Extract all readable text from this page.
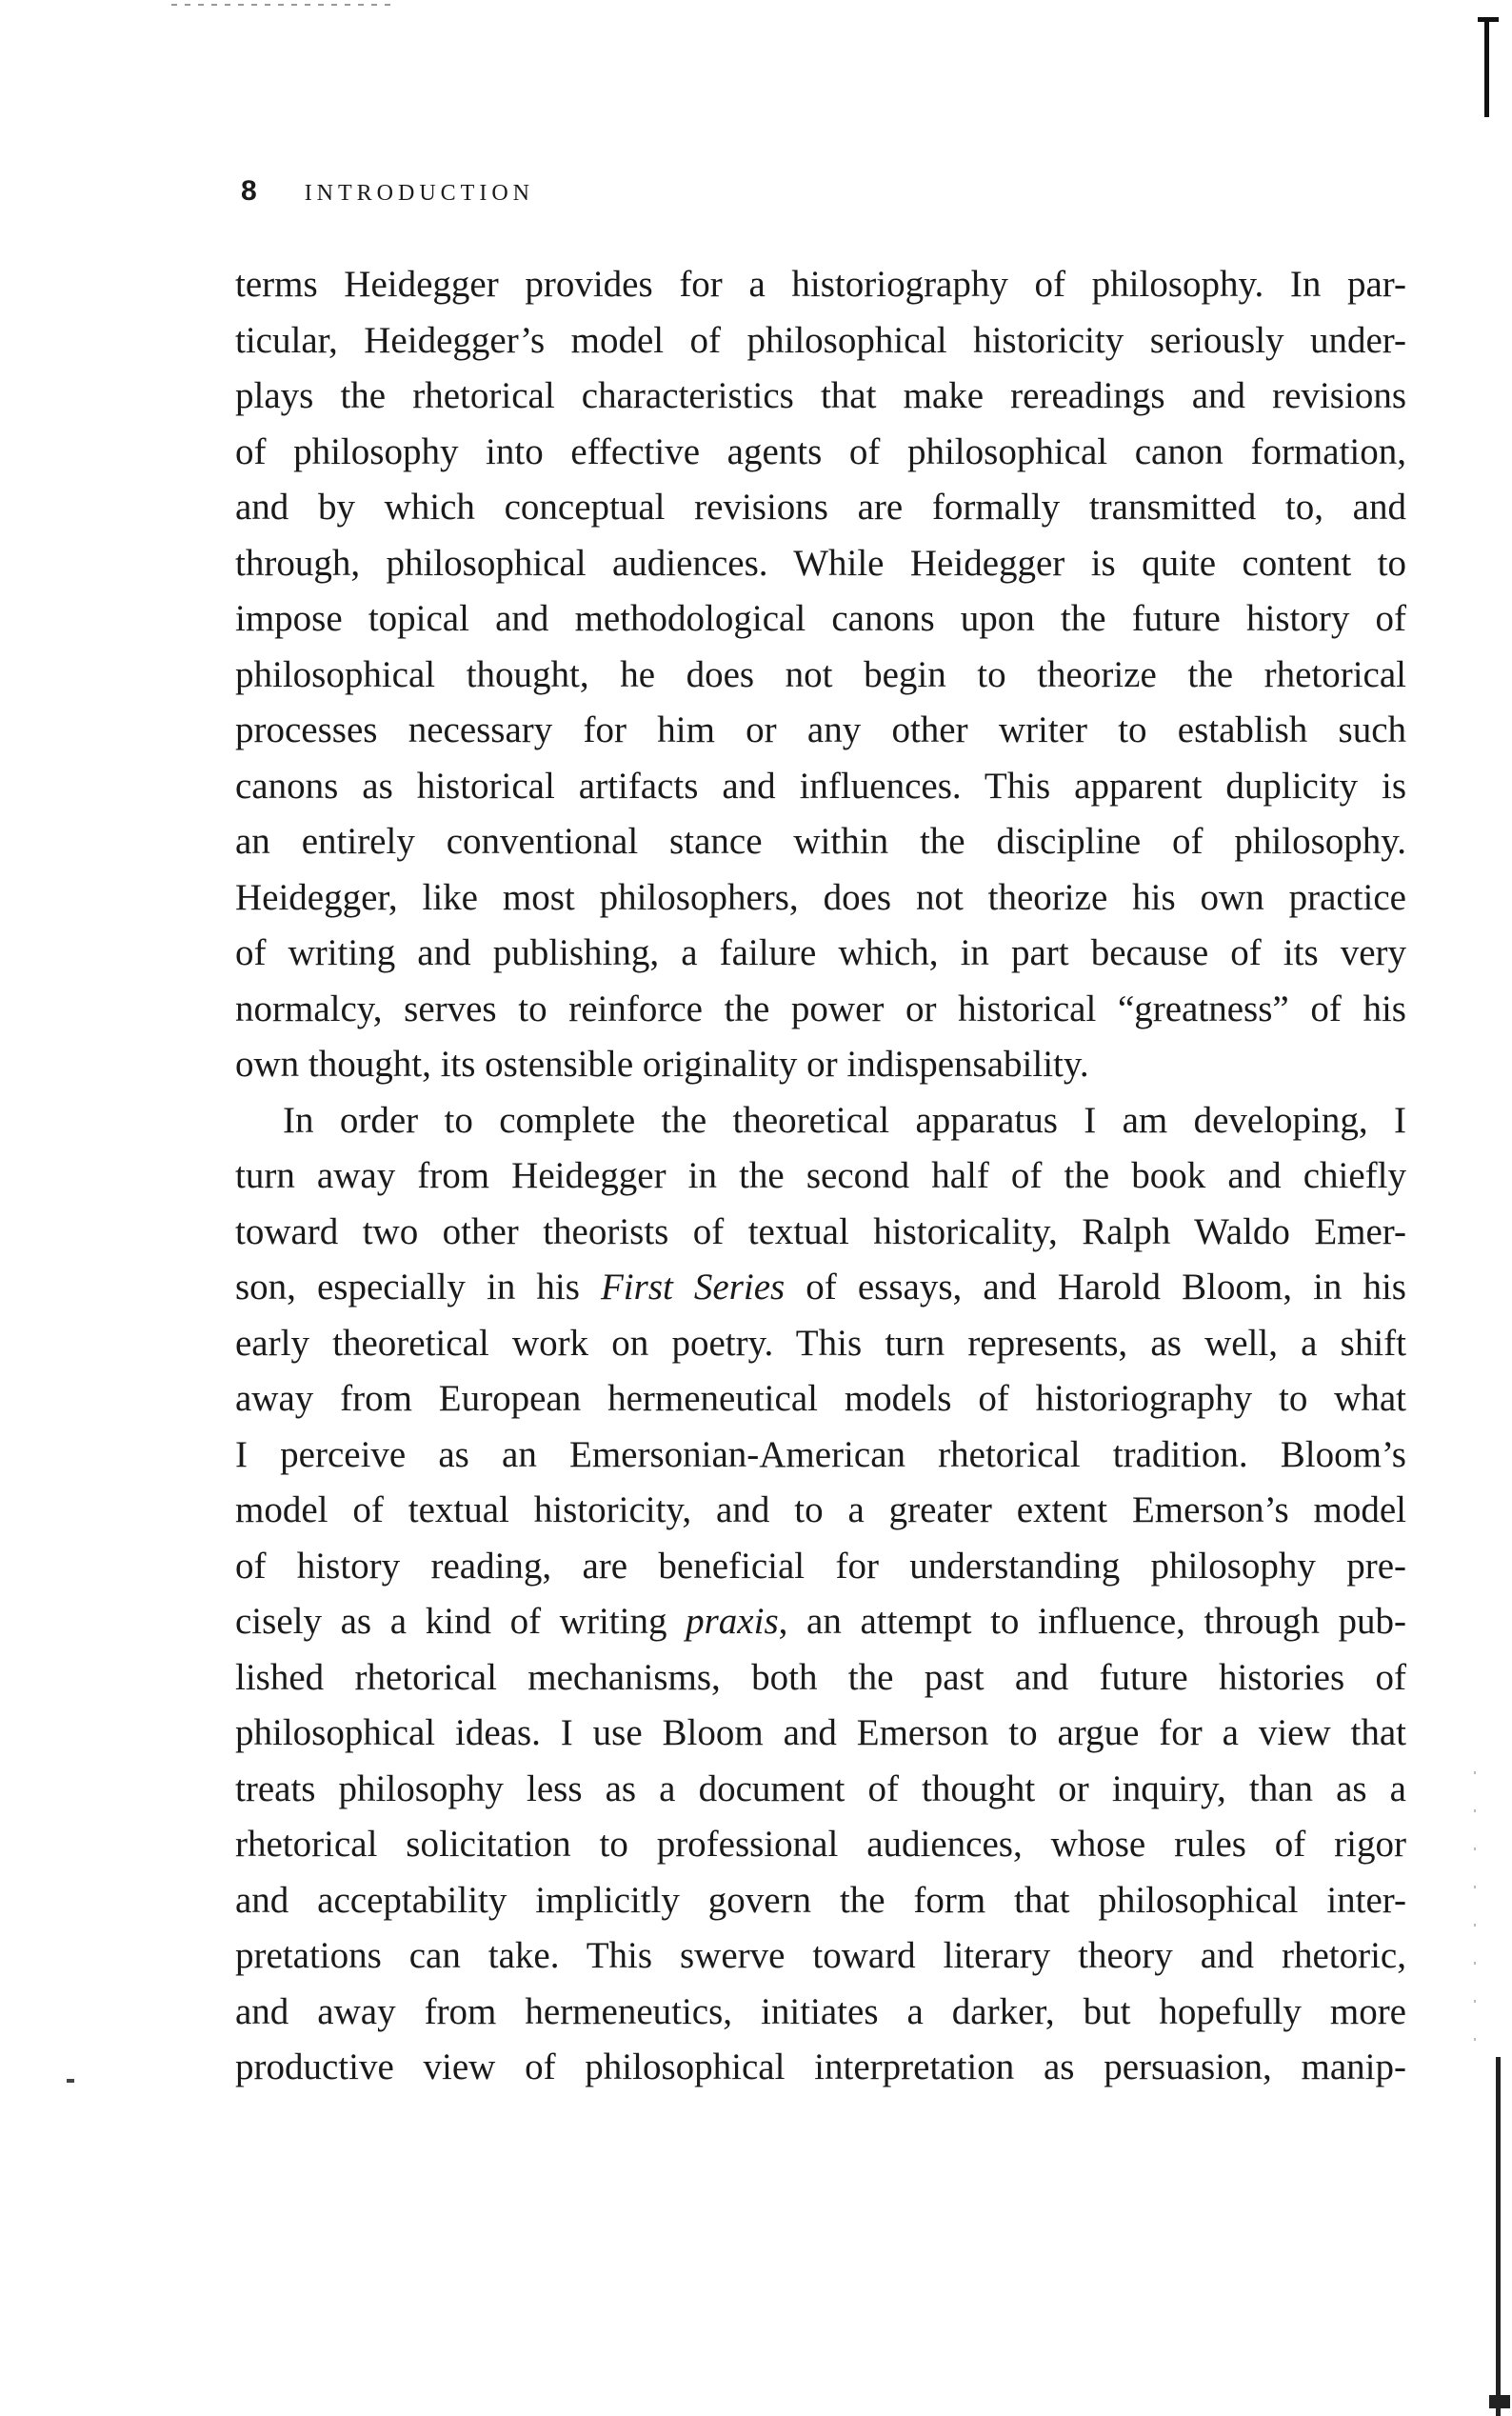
8 INTRODUCTION
terms Heidegger provides for a historiography of philosophy. In par-
ticular, Heidegger’s model of philosophical historicity seriously under-
plays the rhetorical characteristics that make rereadings and revisions
of philosophy into effective agents of philosophical canon formation,
and by which conceptual revisions are formally transmitted to, and
through, philosophical audiences. While Heidegger is quite content to
impose topical and methodological canons upon the future history of
philosophical thought, he does not begin to theorize the rhetorical
processes necessary for him or any other writer to establish such
canons as historical artifacts and influences. This apparent duplicity is
an entirely conventional stance within the discipline of philosophy.
Heidegger, like most philosophers, does not theorize his own practice
of writing and publishing, a failure which, in part because of its very
normalcy, serves to reinforce the power or historical “greatness” of his
own thought, its ostensible originality or indispensability.
In order to complete the theoretical apparatus I am developing, I
turn away from Heidegger in the second half of the book and chiefly
toward two other theorists of textual historicality, Ralph Waldo Emer-
son, especially in his First Series of essays, and Harold Bloom, in his
early theoretical work on poetry. This turn represents, as well, a shift
away from European hermeneutical models of historiography to what
I perceive as an Emersonian-American rhetorical tradition. Bloom’s
model of textual historicity, and to a greater extent Emerson’s model
of history reading, are beneficial for understanding philosophy pre-
cisely as a kind of writing praxis, an attempt to influence, through pub-
lished rhetorical mechanisms, both the past and future histories of
philosophical ideas. I use Bloom and Emerson to argue for a view that
treats philosophy less as a document of thought or inquiry, than as a
rhetorical solicitation to professional audiences, whose rules of rigor
and acceptability implicitly govern the form that philosophical inter-
pretations can take. This swerve toward literary theory and rhetoric,
and away from hermeneutics, initiates a darker, but hopefully more
productive view of philosophical interpretation as persuasion, manip-
